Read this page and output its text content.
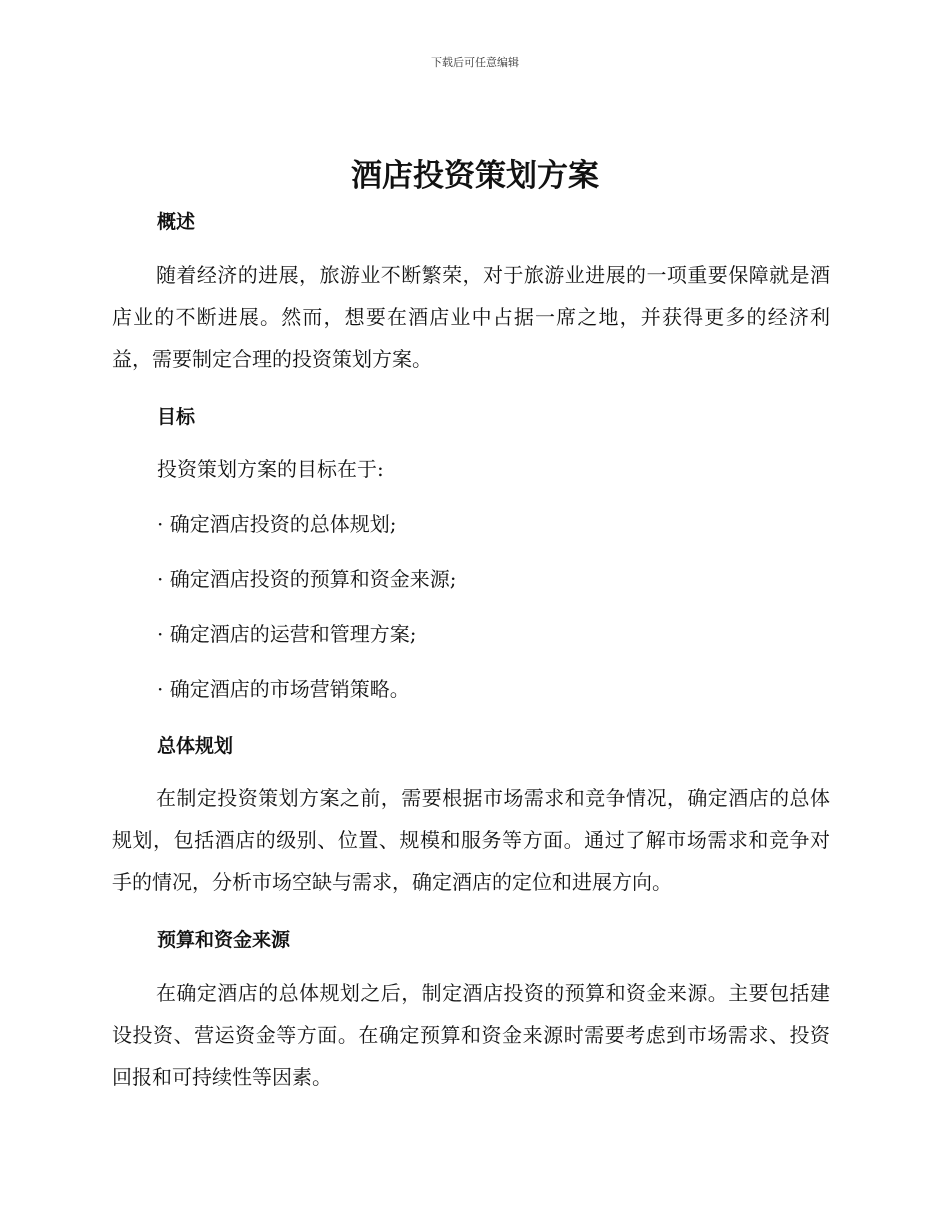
下载后可任意编辑
酒店投资策划方案
概述

随着经济的进展，旅游业不断繁荣，对于旅游业进展的一项重要保障就是酒店业的不断进展。然而，想要在酒店业中占据一席之地，并获得更多的经济利益，需要制定合理的投资策划方案。

目标

投资策划方案的目标在于:

· 确定酒店投资的总体规划;

· 确定酒店投资的预算和资金来源;

· 确定酒店的运营和管理方案;

· 确定酒店的市场营销策略。

总体规划

在制定投资策划方案之前，需要根据市场需求和竞争情况，确定酒店的总体规划，包括酒店的级别、位置、规模和服务等方面。通过了解市场需求和竞争对手的情况，分析市场空缺与需求，确定酒店的定位和进展方向。

预算和资金来源

在确定酒店的总体规划之后，制定酒店投资的预算和资金来源。主要包括建设投资、营运资金等方面。在确定预算和资金来源时需要考虑到市场需求、投资回报和可持续性等因素。
